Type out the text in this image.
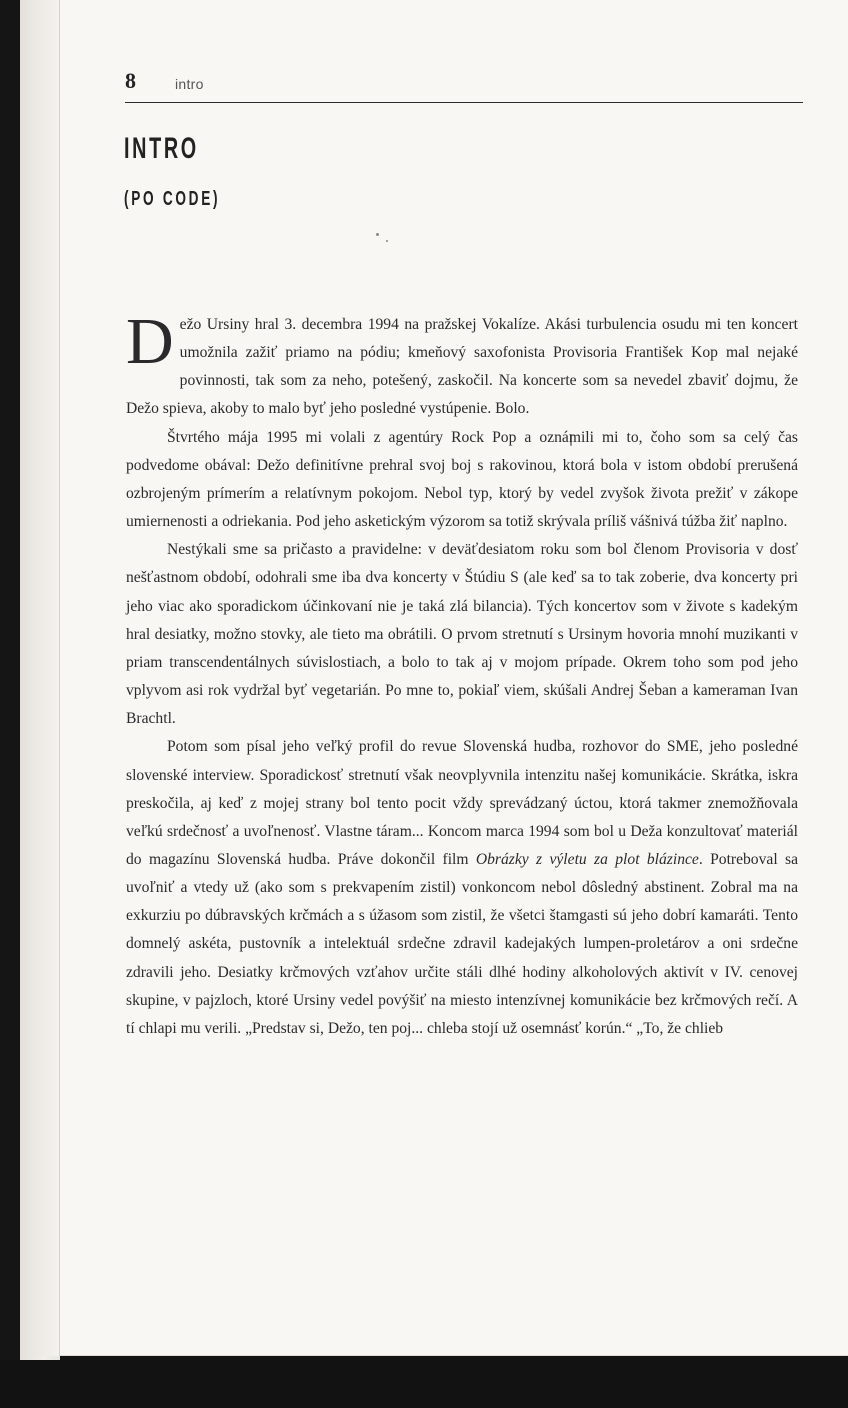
8	intro
INTRO
(PO CODE)

Dežo Ursiny hral 3. decembra 1994 na pražskej Vokalíze. Akási turbulencia osudu mi ten koncert umožnila zažiť priamo na pódiu; kmeňový saxofonista Provisoria František Kop mal nejaké povinnosti, tak som za neho, potešený, zaskočil. Na koncerte som sa nevedel zbaviť dojmu, že Dežo spieva, akoby to malo byť jeho posledné vystúpenie. Bolo.

Štvrtého mája 1995 mi volali z agentúry Rock Pop a oznámili mi to, čoho som sa celý čas podvedome obával: Dežo definitívne prehral svoj boj s rakovinou, ktorá bola v istom období prerušená ozbrojeným prímerím a relatívnym pokojom. Nebol typ, ktorý by vedel zvyšok života prežiť v zákope umiernenosti a odriekania. Pod jeho asketickým výzorom sa totiž skrývala príliš vášnivá túžba žiť naplno.

Nestýkali sme sa pričasto a pravidelne: v deväťdesiatom roku som bol členom Provisoria v dosť nešťastnom období, odohrali sme iba dva koncerty v Štúdiu S (ale keď sa to tak zoberie, dva koncerty pri jeho viac ako sporadickom účinkovaní nie je taká zlá bilancia). Tých koncertov som v živote s kadekým hral desiatky, možno stovky, ale tieto ma obrátili. O prvom stretnutí s Ursinym hovoria mnohí muzikanti v priam transcendentálnych súvislostiach, a bolo to tak aj v mojom prípade. Okrem toho som pod jeho vplyvom asi rok vydržal byť vegetarián. Po mne to, pokiaľ viem, skúšali Andrej Šeban a kameraman Ivan Brachtl.

Potom som písal jeho veľký profil do revue Slovenská hudba, rozhovor do SME, jeho posledné slovenské interview. Sporadickosť stretnutí však neovplyvnila intenzitu našej komunikácie. Skrátka, iskra preskočila, aj keď z mojej strany bol tento pocit vždy sprevádzaný úctou, ktorá takmer znemožňovala veľkú srdečnosť a uvoľnenosť. Vlastne táram... Koncom marca 1994 som bol u Deža konzultovať materiál do magazínu Slovenská hudba. Práve dokončil film Obrázky z výletu za plot blázince. Potreboval sa uvoľniť a vtedy už (ako som s prekvapením zistil) vonkoncom nebol dôsledný abstinent. Zobral ma na exkurziu po dúbravských krčmách a s úžasom som zistil, že všetci štamgasti sú jeho dobrí kamaráti. Tento domnelý askéta, pustovník a intelektuál srdečne zdravil kadejakých lumpen-proletárov a oni srdečne zdravili jeho. Desiatky krčmových vzťahov určite stáli dlhé hodiny alkoholových aktivít v IV. cenovej skupine, v pajzloch, ktoré Ursiny vedel povýšiť na miesto intenzívnej komunikácie bez krčmových rečí. A tí chlapi mu verili. „Predstav si, Dežo, ten poj... chleba stojí už osemnásť korún.“ „To, že chlieb
